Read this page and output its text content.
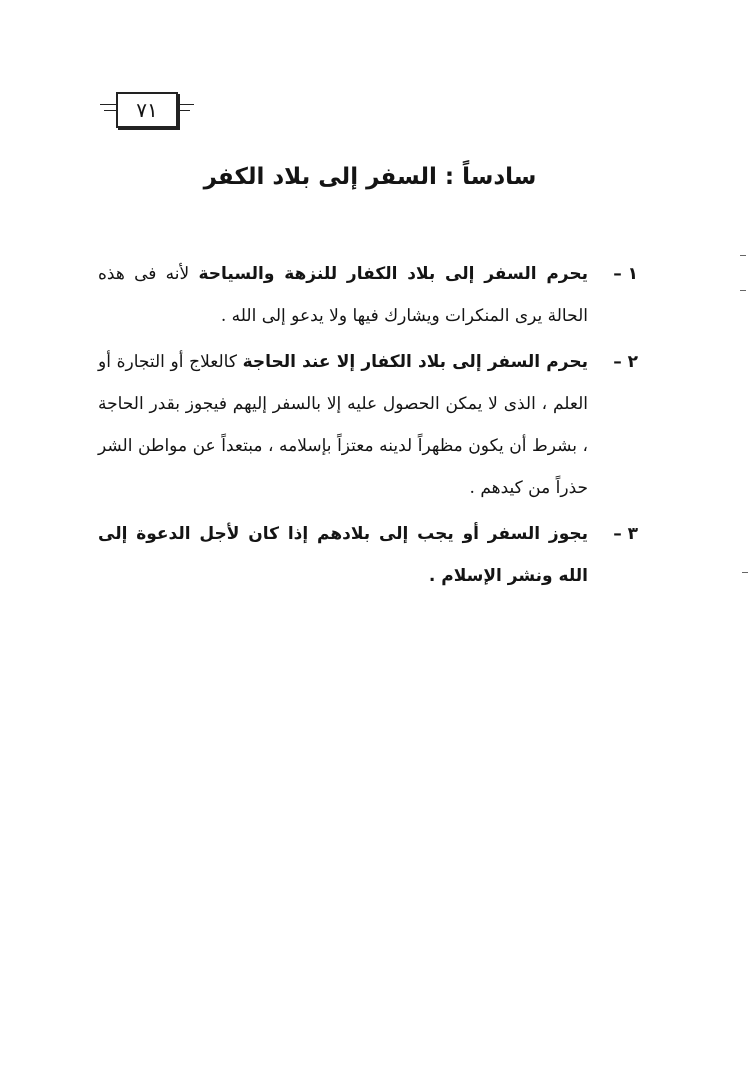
٧١
سادساً : السفر إلى بلاد الكفر
١ –
يحرم السفر إلى بلاد الكفار للنزهة والسياحة لأنه فى هذه الحالة يرى المنكرات ويشارك فيها ولا يدعو إلى الله .
٢ –
يحرم السفر إلى بلاد الكفار إلا عند الحاجة كالعلاج أو التجارة أو العلم ، الذى لا يمكن الحصول عليه إلا بالسفر إليهم فيجوز بقدر الحاجة ، بشرط أن يكون مظهراً لدينه معتزاً بإسلامه ، مبتعداً عن مواطن الشر حذراً من كيدهم .
٣ –
يجوز السفر أو يجب إلى بلادهم إذا كان لأجل الدعوة إلى الله ونشر الإسلام .
